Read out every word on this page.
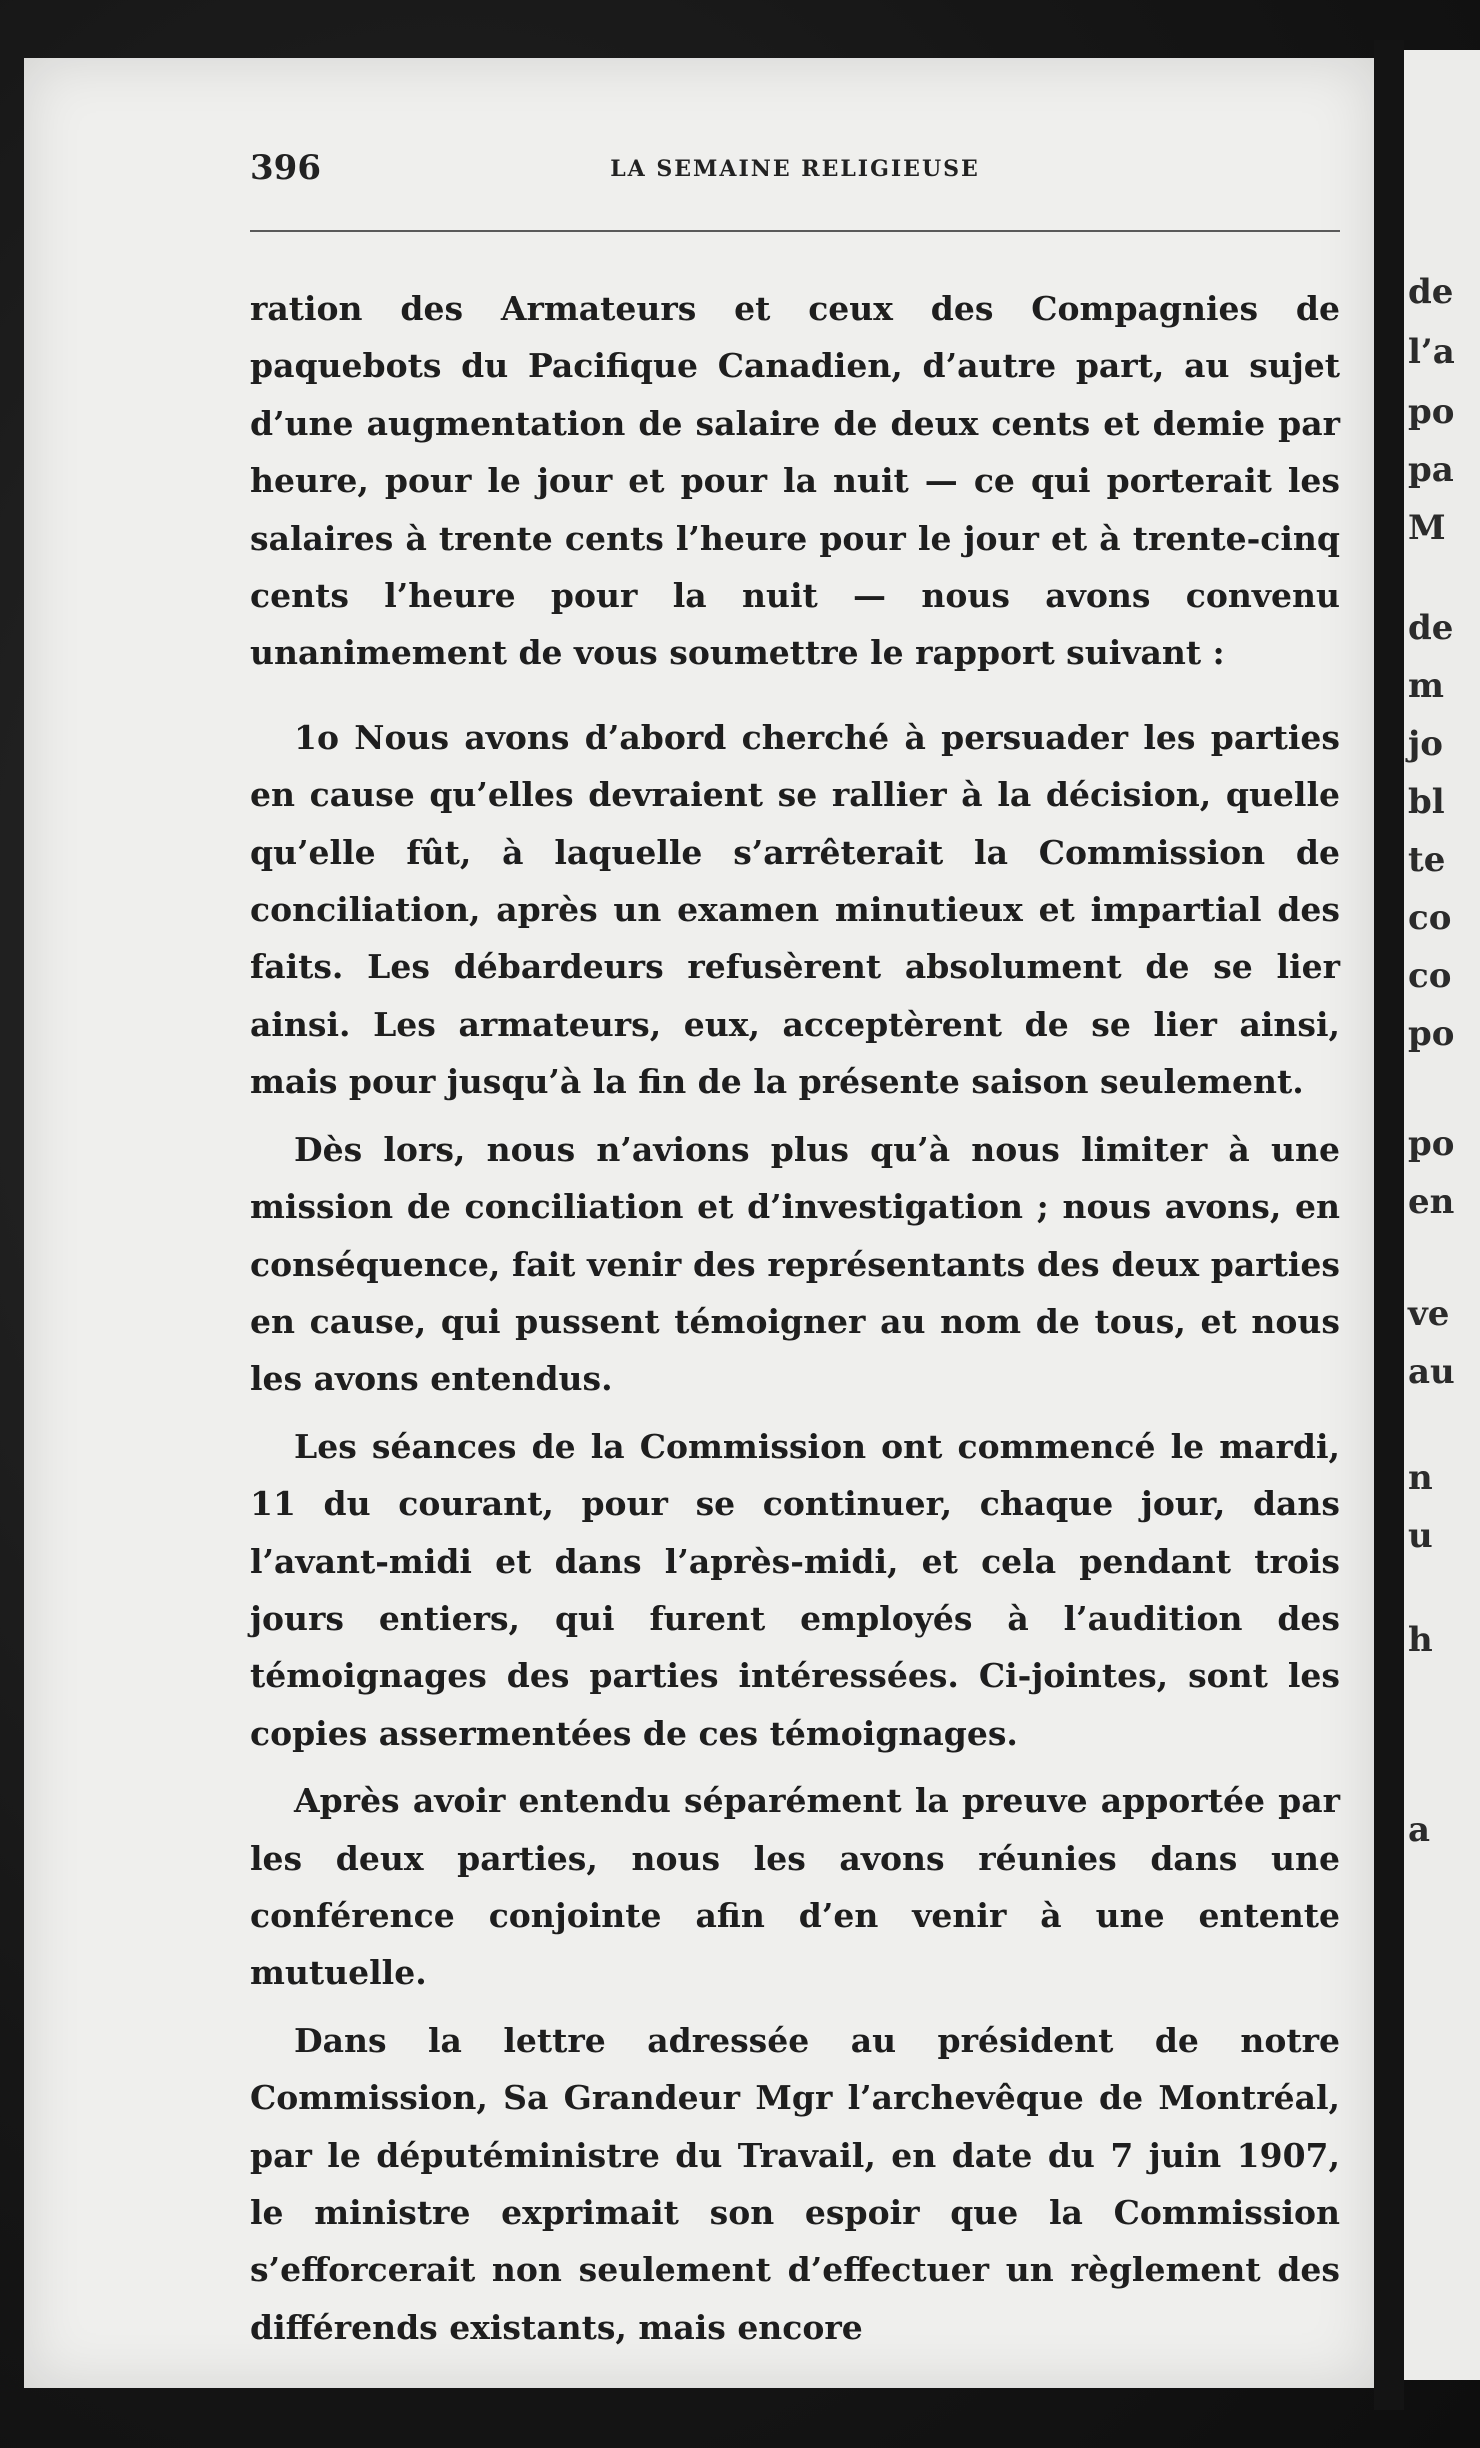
de
l’a
po
pa
M
de
m
jo
bl
te
co
co
po
po
en
ve
au
n
u
h
a
396	LA SEMAINE RELIGIEUSE

ration des Armateurs et ceux des Compagnies de paquebots du Pacifique Canadien, d’autre part, au sujet d’une augmentation de salaire de deux cents et demie par heure, pour le jour et pour la nuit — ce qui porterait les salaires à trente cents l’heure pour le jour et à trente-cinq cents l’heure pour la nuit — nous avons convenu unanimement de vous soumettre le rapport suivant :

1o Nous avons d’abord cherché à persuader les parties en cause qu’elles devraient se rallier à la décision, quelle qu’elle fût, à laquelle s’arrêterait la Commission de conciliation, après un examen minutieux et impartial des faits. Les débardeurs refusèrent absolument de se lier ainsi. Les armateurs, eux, acceptèrent de se lier ainsi, mais pour jusqu’à la fin de la présente saison seulement.

Dès lors, nous n’avions plus qu’à nous limiter à une mission de conciliation et d’investigation ; nous avons, en conséquence, fait venir des représentants des deux parties en cause, qui pussent témoigner au nom de tous, et nous les avons entendus.

Les séances de la Commission ont commencé le mardi, 11 du courant, pour se continuer, chaque jour, dans l’avant-midi et dans l’après-midi, et cela pendant trois jours entiers, qui furent employés à l’audition des témoignages des parties intéressées. Ci-jointes, sont les copies assermentées de ces témoignages.

Après avoir entendu séparément la preuve apportée par les deux parties, nous les avons réunies dans une conférence conjointe afin d’en venir à une entente mutuelle.

Dans la lettre adressée au président de notre Commission, Sa Grandeur Mgr l’archevêque de Montréal, par le députéministre du Travail, en date du 7 juin 1907, le ministre exprimait son espoir que la Commission s’efforcerait non seulement d’effectuer un règlement des différends existants, mais encore
